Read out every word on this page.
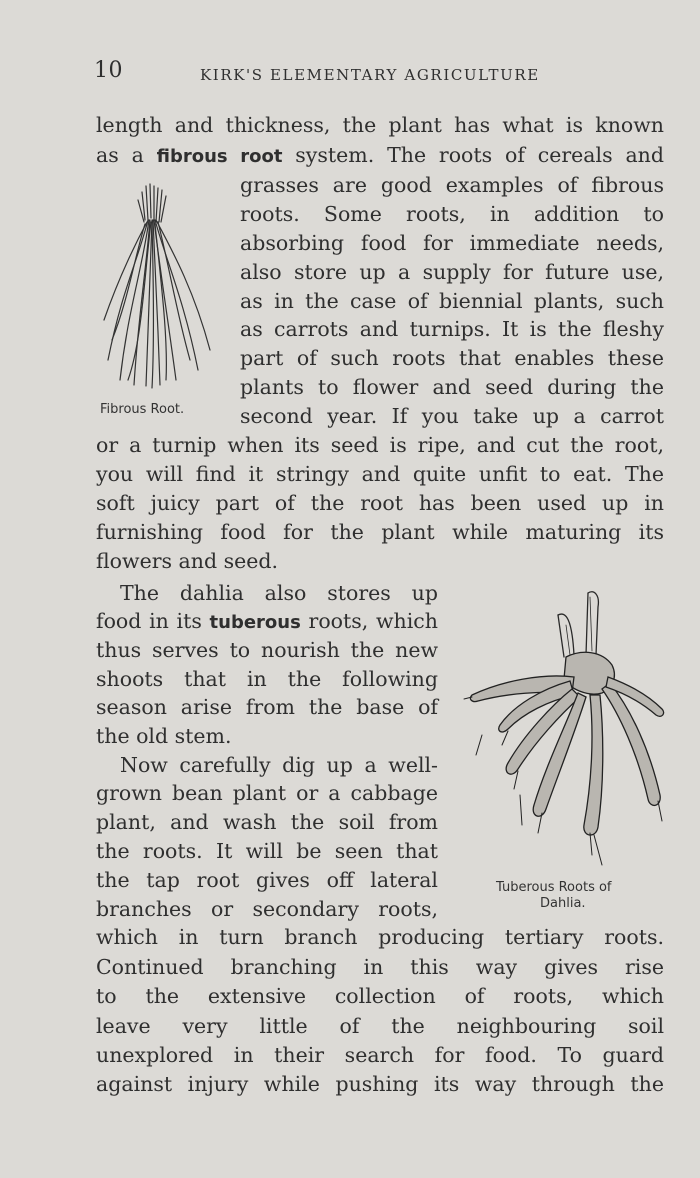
10	KIRK'S ELEMENTARY AGRICULTURE
length and thickness, the plant has what is known
as a fibrous root system. The roots of cereals and
Fibrous Root.
grasses are good examples of fibrous
roots. Some roots, in addition to
absorbing food for immediate needs,
also store up a supply for future use,
as in the case of biennial plants, such
as carrots and turnips. It is the fleshy
part of such roots that enables these
plants to flower and seed during the
second year. If you take up a carrot
or a turnip when its seed is ripe, and cut the root,
you will find it stringy and quite unfit to eat. The
soft juicy part of the root has been used up in
furnishing food for the plant while maturing its
flowers and seed.
The dahlia also stores up
food in its tuberous roots, which
thus serves to nourish the new
shoots that in the following
season arise from the base of
the old stem.
Now carefully dig up a well-
grown bean plant or a cabbage
plant, and wash the soil from
the roots. It will be seen that
the tap root gives off lateral
branches or secondary roots,
Tuberous Roots of
Dahlia.
which in turn branch producing tertiary roots.
Continued branching in this way gives rise
to the extensive collection of roots, which
leave very little of the neighbouring soil
unexplored in their search for food. To guard
against injury while pushing its way through the
